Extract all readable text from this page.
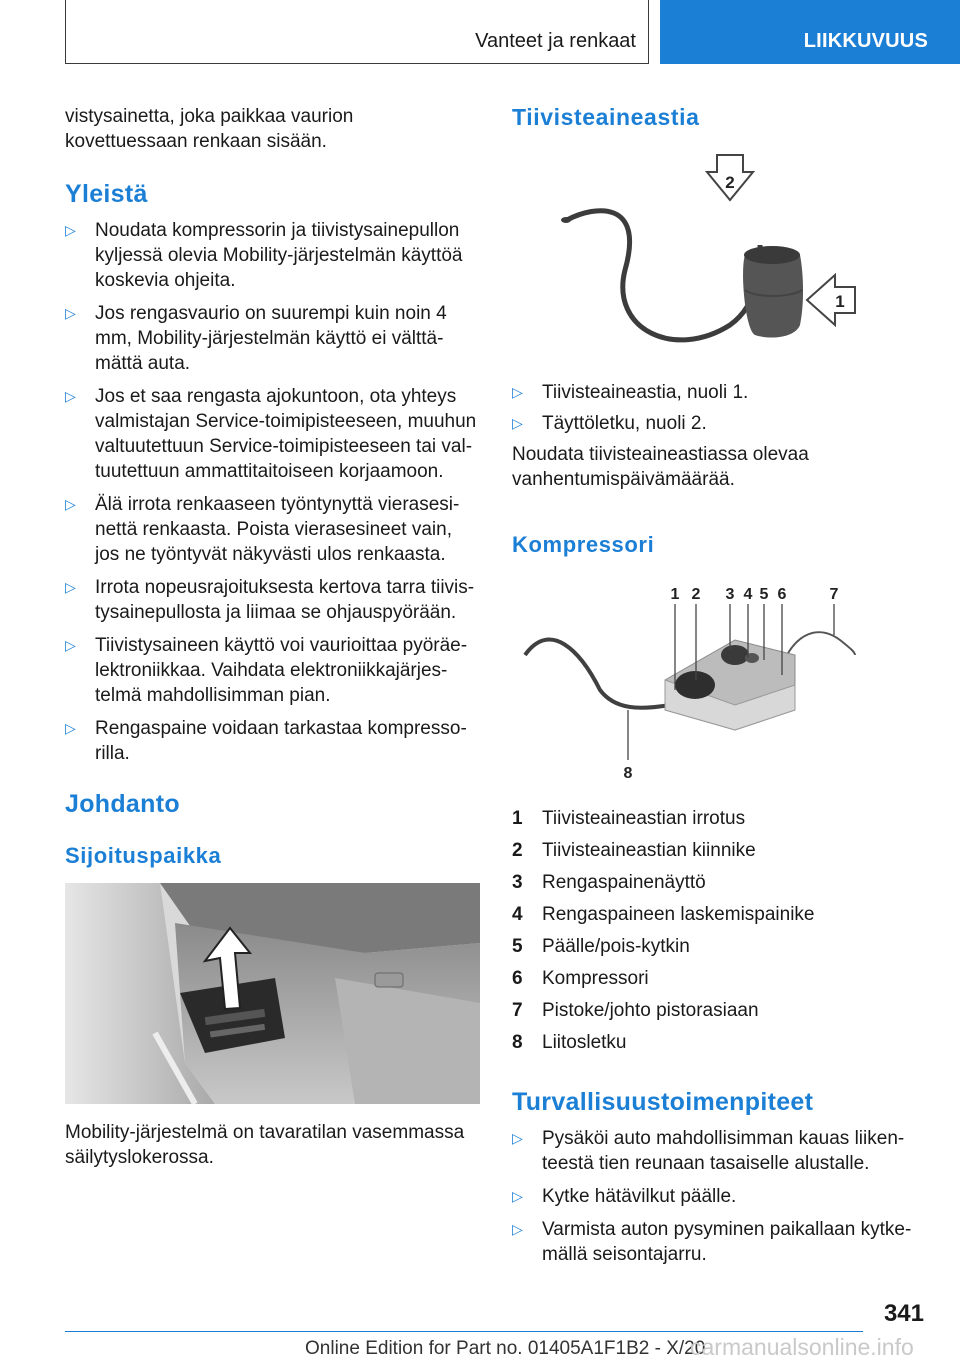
Vanteet ja renkaat	LIIKKUVUUS

vistysainetta, joka paikkaa vaurion kovettuessaan renkaan sisään.

Yleistä

▷ Noudata kompressorin ja tiivistysainepullon kyljessä olevia Mobility-järjestelmän käyttöä koskevia ohjeita.

▷ Jos rengasvaurio on suurempi kuin noin 4 mm, Mobility-järjestelmän käyttö ei välttämättä auta.

▷ Jos et saa rengasta ajokuntoon, ota yhteys valmistajan Service-toimipisteeseen, muuhun valtuutettuun Service-toimipisteeseen tai valtuutettuun ammattitaitoiseen korjaamoon.

▷ Älä irrota renkaaseen työntynyttä vierasesinettä renkaasta. Poista vierasesineet vain, jos ne työntyvät näkyvästi ulos renkaasta.

▷ Irrota nopeusrajoituksesta kertova tarra tiivistysainepullosta ja liimaa se ohjauspyörään.

▷ Tiivistysaineen käyttö voi vaurioittaa pyöräelektroniikkaa. Vaihdata elektroniikkajärjestelmä mahdollisimman pian.

▷ Rengaspaine voidaan tarkastaa kompressorilla.

Johdanto

Sijoituspaikka

Mobility-järjestelmä on tavaratilan vasemmassa säilytyslokerossa.

Tiivisteaineastia

2
1

▷ Tiivisteaineastia, nuoli 1.

▷ Täyttöletku, nuoli 2.

Noudata tiivisteaineastiassa olevaa vanhentumispäivämäärää.

Kompressori

1 2 3 4 5 6	7
8
1 Tiivisteaineastian irrotus
2 Tiivisteaineastian kiinnike
3 Rengaspainenäyttö
4 Rengaspaineen laskemispainike
5 Päälle/pois-kytkin
6 Kompressori
7 Pistoke/johto pistorasiaan
8 Liitosletku

Turvallisuustoimenpiteet

▷ Pysäköi auto mahdollisimman kauas liikenteestä tien reunaan tasaiselle alustalle.

▷ Kytke hätävilkut päälle.

▷ Varmista auton pysyminen paikallaan kytkemällä seisontajarru.

341
Online Edition for Part no. 01405A1F1B2 - X/20
carmanualsonline.info
